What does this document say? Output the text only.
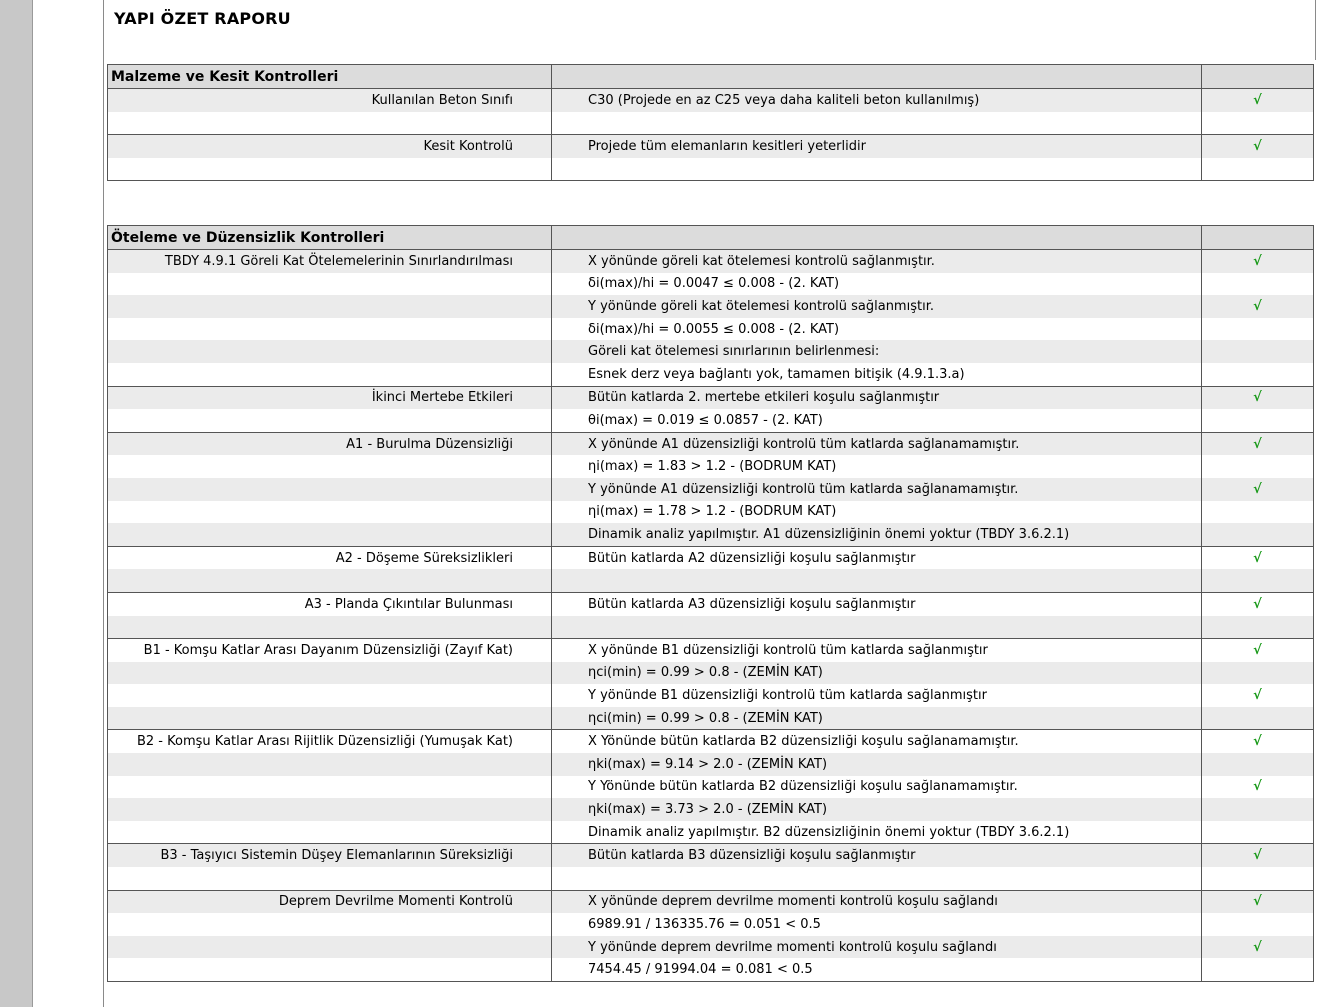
YAPI ÖZET RAPORU
Malzeme ve Kesit Kontrolleri		
Kullanılan Beton Sınıfı	C30 (Projede en az C25 veya daha kaliteli beton kullanılmış)	√

Kesit Kontrolü	Projede tüm elemanların kesitleri yeterlidir	√

Öteleme ve Düzensizlik Kontrolleri		
TBDY 4.9.1 Göreli Kat Ötelemelerinin Sınırlandırılması	X yönünde göreli kat ötelemesi kontrolü sağlanmıştır.	√
	δi(max)/hi = 0.0047 ≤ 0.008 - (2. KAT)	
	Y yönünde göreli kat ötelemesi kontrolü sağlanmıştır.	√
	δi(max)/hi = 0.0055 ≤ 0.008 - (2. KAT)	
	Göreli kat ötelemesi sınırlarının belirlenmesi:	
	Esnek derz veya bağlantı yok, tamamen bitişik (4.9.1.3.a)	
İkinci Mertebe Etkileri	Bütün katlarda 2. mertebe etkileri koşulu sağlanmıştır	√
	θi(max) = 0.019 ≤ 0.0857 - (2. KAT)	
A1 - Burulma Düzensizliği	X yönünde A1 düzensizliği kontrolü tüm katlarda sağlanamamıştır.	√
	ηi(max) = 1.83 > 1.2 - (BODRUM KAT)	
	Y yönünde A1 düzensizliği kontrolü tüm katlarda sağlanamamıştır.	√
	ηi(max) = 1.78 > 1.2 - (BODRUM KAT)	
	Dinamik analiz yapılmıştır. A1 düzensizliğinin önemi yoktur (TBDY 3.6.2.1)	
A2 - Döşeme Süreksizlikleri	Bütün katlarda A2 düzensizliği koşulu sağlanmıştır	√

A3 - Planda Çıkıntılar Bulunması	Bütün katlarda A3 düzensizliği koşulu sağlanmıştır	√

B1 - Komşu Katlar Arası Dayanım Düzensizliği (Zayıf Kat)	X yönünde B1 düzensizliği kontrolü tüm katlarda sağlanmıştır	√
	ηci(min) = 0.99 > 0.8 - (ZEMİN KAT)	
	Y yönünde B1 düzensizliği kontrolü tüm katlarda sağlanmıştır	√
	ηci(min) = 0.99 > 0.8 - (ZEMİN KAT)	
B2 - Komşu Katlar Arası Rijitlik Düzensizliği (Yumuşak Kat)	X Yönünde bütün katlarda B2 düzensizliği koşulu sağlanamamıştır.	√
	ηki(max) = 9.14 > 2.0 - (ZEMİN KAT)	
	Y Yönünde bütün katlarda B2 düzensizliği koşulu sağlanamamıştır.	√
	ηki(max) = 3.73 > 2.0 - (ZEMİN KAT)	
	Dinamik analiz yapılmıştır. B2 düzensizliğinin önemi yoktur (TBDY 3.6.2.1)	
B3 - Taşıyıcı Sistemin Düşey Elemanlarının Süreksizliği	Bütün katlarda B3 düzensizliği koşulu sağlanmıştır	√

Deprem Devrilme Momenti Kontrolü	X yönünde deprem devrilme momenti kontrolü koşulu sağlandı	√
	6989.91 / 136335.76 = 0.051 < 0.5	
	Y yönünde deprem devrilme momenti kontrolü koşulu sağlandı	√
	7454.45 / 91994.04 = 0.081 < 0.5	
